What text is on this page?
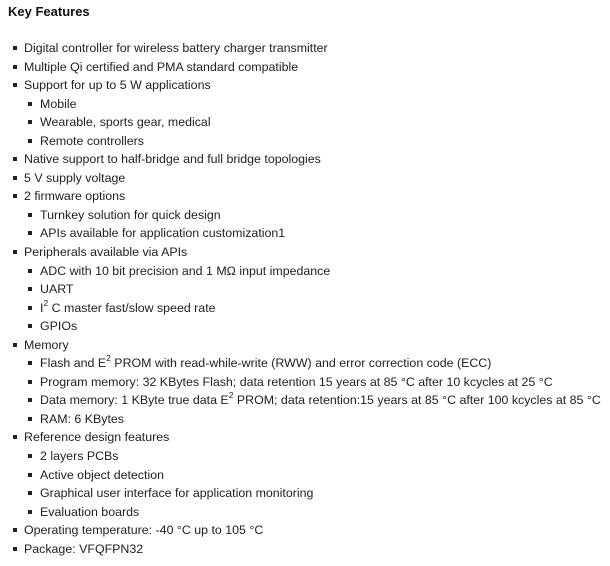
Key Features
Digital controller for wireless battery charger transmitter
Multiple Qi certified and PMA standard compatible
Support for up to 5 W applications
Mobile
Wearable, sports gear, medical
Remote controllers
Native support to half-bridge and full bridge topologies
5 V supply voltage
2 firmware options
Turnkey solution for quick design
APIs available for application customization1
Peripherals available via APIs
ADC with 10 bit precision and 1 MΩ input impedance
UART
$I^2$ C master fast/slow speed rate
GPIOs
Memory
Flash and $E^2$ PROM with read-while-write (RWW) and error correction code (ECC)
Program memory: 32 KBytes Flash; data retention 15 years at 85 °C after 10 kcycles at 25 °C
Data memory: 1 KByte true data $E^2$ PROM; data retention:15 years at 85 °C after 100 kcycles at 85 °C
RAM: 6 KBytes
Reference design features
2 layers PCBs
Active object detection
Graphical user interface for application monitoring
Evaluation boards
Operating temperature: -40 °C up to 105 °C
Package: VFQFPN32
